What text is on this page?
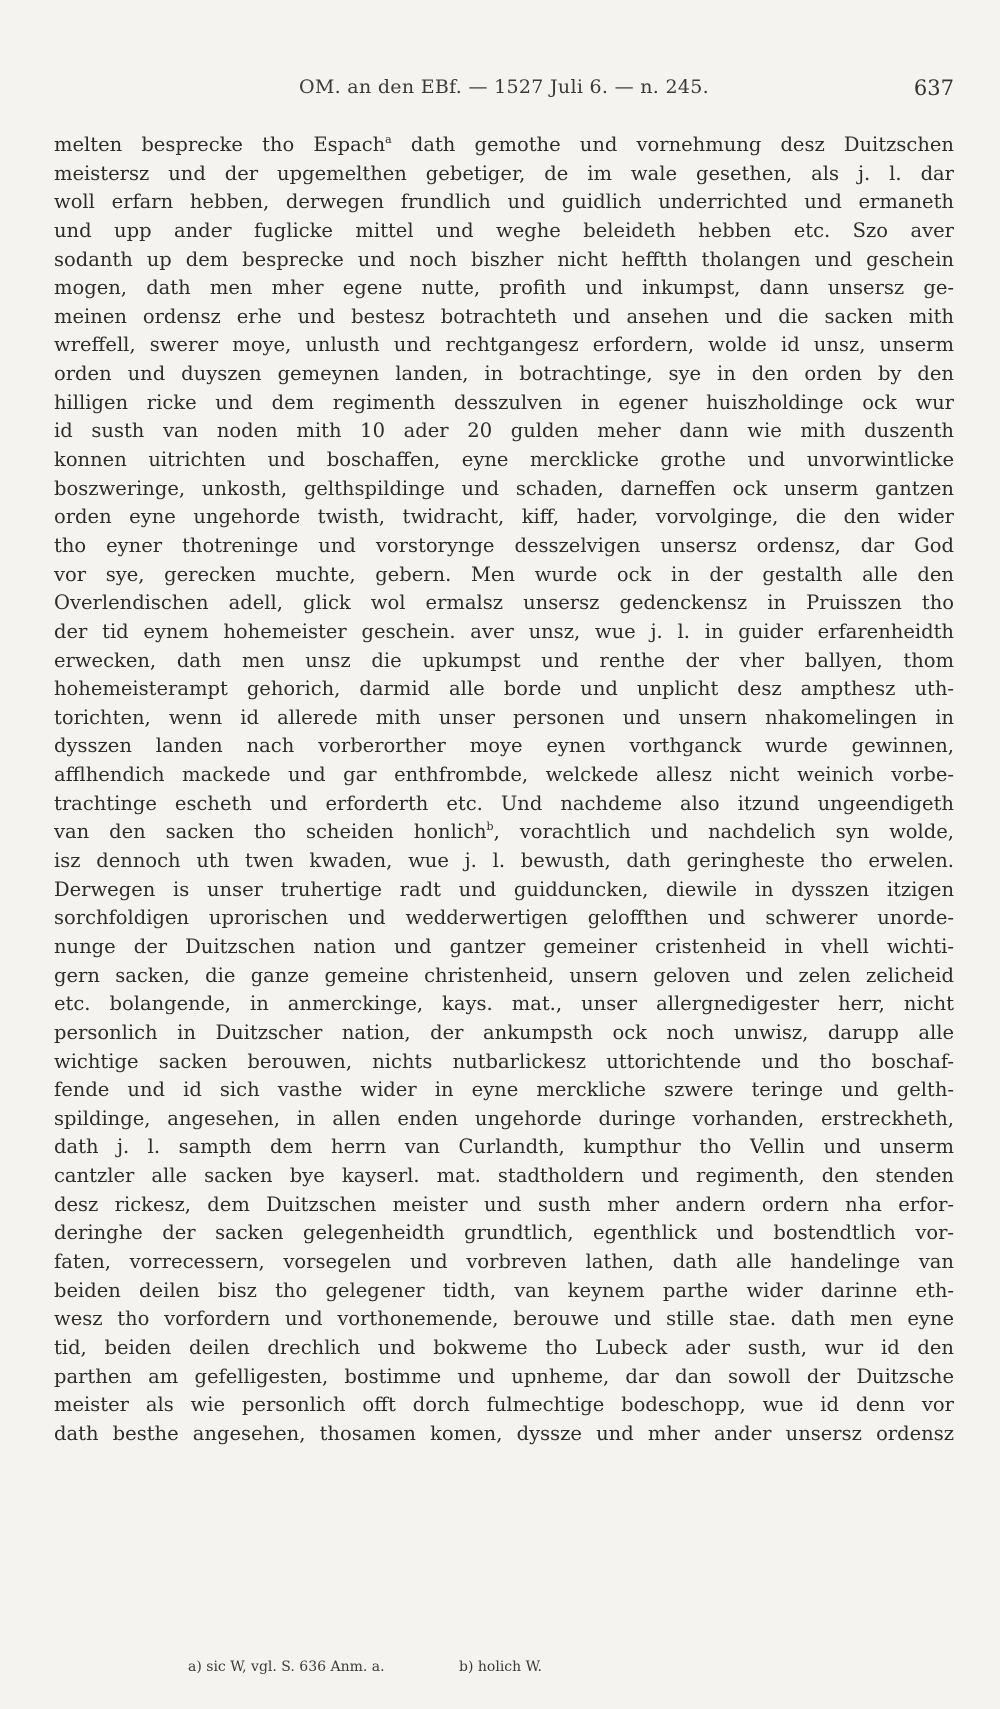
OM. an den EBf. — 1527 Juli 6. — n. 245.	637
melten besprecke tho Espach$^a$ dath gemothe und vornehmung desz Duitzschen
meistersz und der upgemelthen gebetiger, de im wale gesethen, als j. l. dar
woll erfarn hebben, derwegen frundlich und guidlich underrichted und ermaneth
und upp ander fuglicke mittel und weghe beleideth hebben etc. Szo aver
sodanth up dem besprecke und noch biszher nicht hefftth tholangen und geschein
mogen, dath men mher egene nutte, profith und inkumpst, dann unsersz ge-
meinen ordensz erhe und bestesz botrachteth und ansehen und die sacken mith
wreffell, swerer moye, unlusth und rechtgangesz erfordern, wolde id unsz, unserm
orden und duyszen gemeynen landen, in botrachtinge, sye in den orden by den
hilligen ricke und dem regimenth desszulven in egener huiszholdinge ock wur
id susth van noden mith 10 ader 20 gulden meher dann wie mith duszenth
konnen uitrichten und boschaffen, eyne mercklicke grothe und unvorwintlicke
boszweringe, unkosth, gelthspildinge und schaden, darneffen ock unserm gantzen
orden eyne ungehorde twisth, twidracht, kiff, hader, vorvolginge, die den wider
tho eyner thotreninge und vorstorynge desszelvigen unsersz ordensz, dar God
vor sye, gerecken muchte, gebern. Men wurde ock in der gestalth alle den
Overlendischen adell, glick wol ermalsz unsersz gedenckensz in Pruisszen tho
der tid eynem hohemeister geschein. aver unsz, wue j. l. in guider erfarenheidth
erwecken, dath men unsz die upkumpst und renthe der vher ballyen, thom
hohemeisterampt gehorich, darmid alle borde und unplicht desz ampthesz uth-
torichten, wenn id allerede mith unser personen und unsern nhakomelingen in
dysszen landen nach vorberorther moye eynen vorthganck wurde gewinnen,
afflhendich mackede und gar enthfrombde, welckede allesz nicht weinich vorbe-
trachtinge escheth und erforderth etc. Und nachdeme also itzund ungeendigeth
van den sacken tho scheiden honlich$^b$, vorachtlich und nachdelich syn wolde,
isz dennoch uth twen kwaden, wue j. l. bewusth, dath geringheste tho erwelen.
Derwegen is unser truhertige radt und guidduncken, diewile in dysszen itzigen
sorchfoldigen uprorischen und wedderwertigen geloffthen und schwerer unorde-
nunge der Duitzschen nation und gantzer gemeiner cristenheid in vhell wichti-
gern sacken, die ganze gemeine christenheid, unsern geloven und zelen zelicheid
etc. bolangende, in anmerckinge, kays. mat., unser allergnedigester herr, nicht
personlich in Duitzscher nation, der ankumpsth ock noch unwisz, darupp alle
wichtige sacken berouwen, nichts nutbarlickesz uttorichtende und tho boschaf-
fende und id sich vasthe wider in eyne merckliche szwere teringe und gelth-
spildinge, angesehen, in allen enden ungehorde duringe vorhanden, erstreckheth,
dath j. l. sampth dem herrn van Curlandth, kumpthur tho Vellin und unserm
cantzler alle sacken bye kayserl. mat. stadtholdern und regimenth, den stenden
desz rickesz, dem Duitzschen meister und susth mher andern ordern nha erfor-
deringhe der sacken gelegenheidth grundtlich, egenthlick und bostendtlich vor-
faten, vorrecessern, vorsegelen und vorbreven lathen, dath alle handelinge van
beiden deilen bisz tho gelegener tidth, van keynem parthe wider darinne eth-
wesz tho vorfordern und vorthonemende, berouwe und stille stae. dath men eyne
tid, beiden deilen drechlich und bokweme tho Lubeck ader susth, wur id den
parthen am gefelligesten, bostimme und upnheme, dar dan sowoll der Duitzsche
meister als wie personlich offt dorch fulmechtige bodeschopp, wue id denn vor
dath besthe angesehen, thosamen komen, dyssze und mher ander unsersz ordensz
a) sic W, vgl. S. 636 Anm. a.	b) holich W.
